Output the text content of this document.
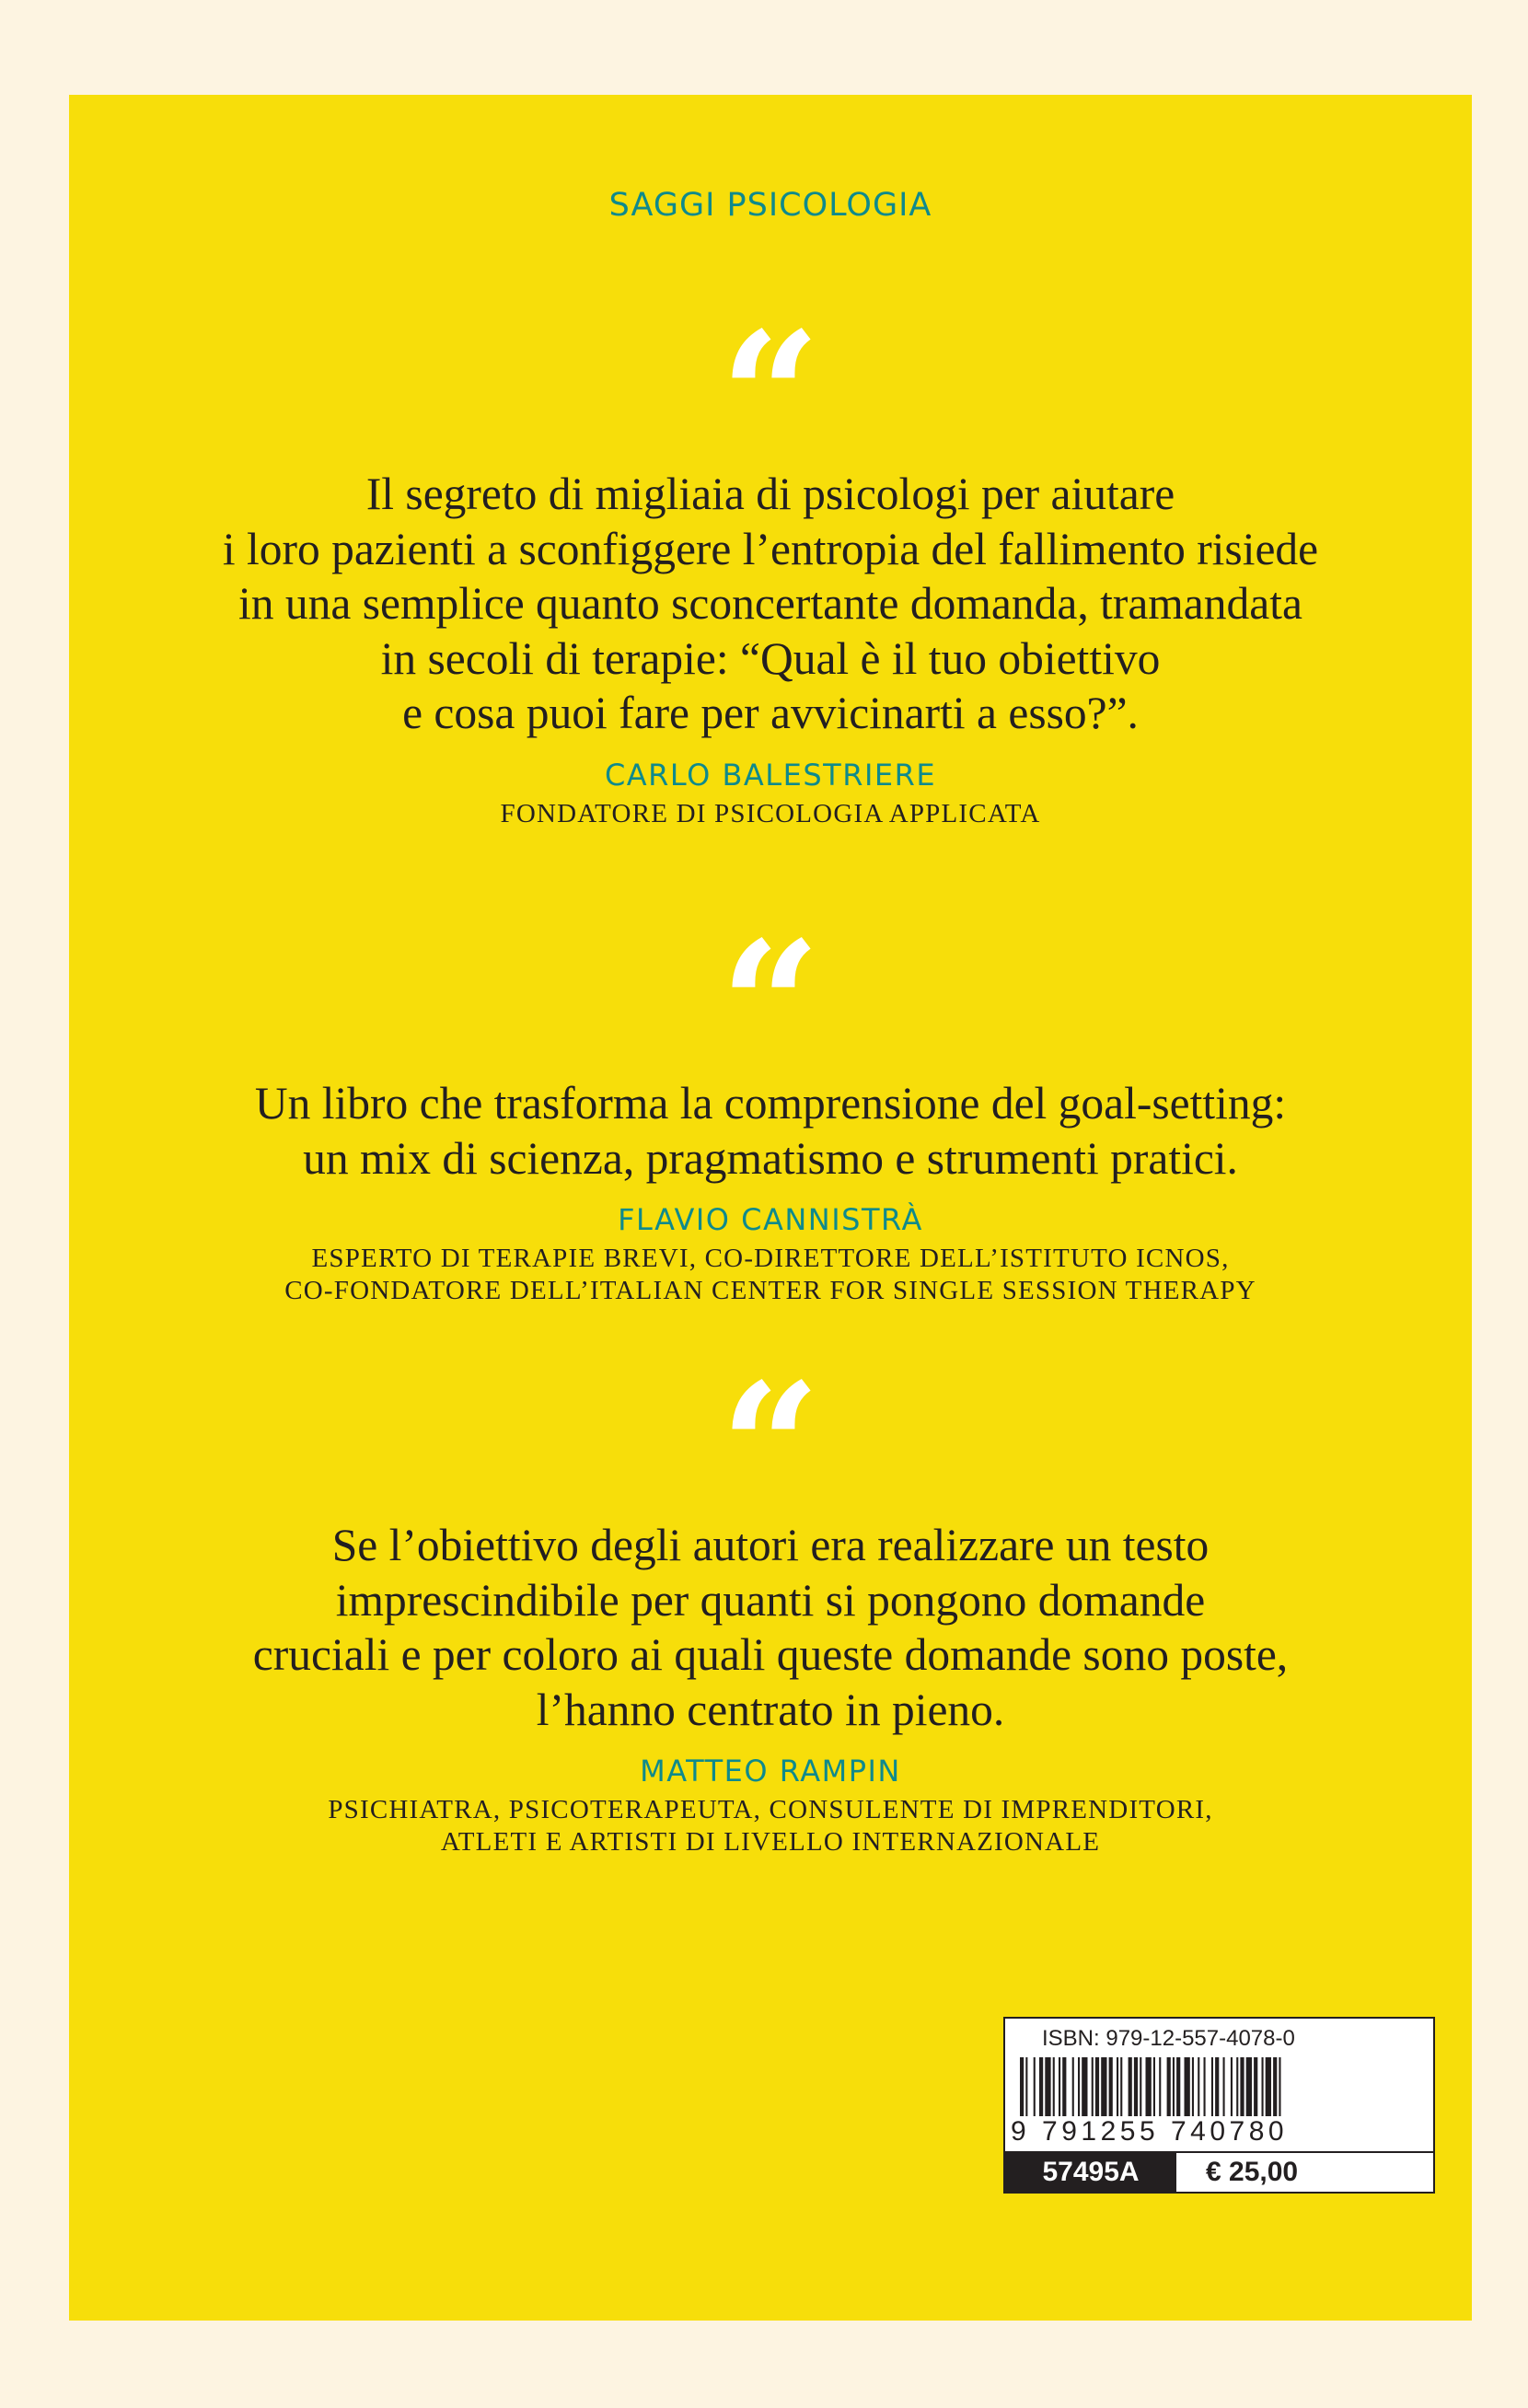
SAGGI PSICOLOGIA
“
Il segreto di migliaia di psicologi per aiutare
i loro pazienti a sconfiggere l’entropia del fallimento risiede
in una semplice quanto sconcertante domanda, tramandata
in secoli di terapie: “Qual è il tuo obiettivo
e cosa puoi fare per avvicinarti a esso?”.
CARLO BALESTRIERE
FONDATORE DI PSICOLOGIA APPLICATA
“
Un libro che trasforma la comprensione del goal-setting:
un mix di scienza, pragmatismo e strumenti pratici.
FLAVIO CANNISTRÀ
ESPERTO DI TERAPIE BREVI, CO-DIRETTORE DELL’ISTITUTO ICNOS,
CO-FONDATORE DELL’ITALIAN CENTER FOR SINGLE SESSION THERAPY
“
Se l’obiettivo degli autori era realizzare un testo
imprescindibile per quanti si pongono domande
cruciali e per coloro ai quali queste domande sono poste,
l’hanno centrato in pieno.
MATTEO RAMPIN
PSICHIATRA, PSICOTERAPEUTA, CONSULENTE DI IMPRENDITORI,
ATLETI E ARTISTI DI LIVELLO INTERNAZIONALE
ISBN: 979-12-557-4078-0
9 791255 740780
57495A	€ 25,00
